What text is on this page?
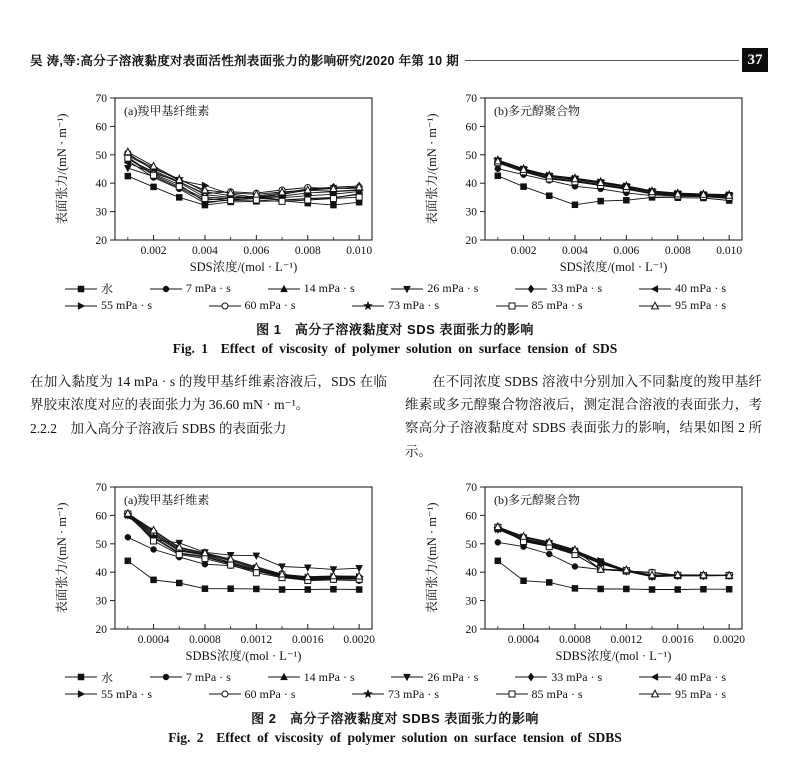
吴 涛,等:高分子溶液黏度对表面活性剂表面张力的影响研究/2020 年第 10 期	37
20
30
40
50
60
70
0.002 0.004 0.006 0.008 0.010
(a)羧甲基纤维素
SDS浓度/(mol · L⁻¹)
表面张力/(mN · m⁻¹)
20
30
40
50
60
70
0.002 0.004 0.006 0.008 0.010
(b)多元醇聚合物
SDS浓度/(mol · L⁻¹)
表面张力/(mN · m⁻¹)
水	7 mPa · s	14 mPa · s	26 mPa · s	33 mPa · s	40 mPa · s
55 mPa · s	60 mPa · s	73 mPa · s	85 mPa · s	95 mPa · s
图 1　高分子溶液黏度对 SDS 表面张力的影响
Fig. 1  Effect of viscosity of polymer solution on surface tension of SDS

在加入黏度为 14 mPa · s 的羧甲基纤维素溶液后，SDS 在临界胶束浓度对应的表面张力为 36.60 mN · m⁻¹。

2.2.2　加入高分子溶液后 SDBS 的表面张力

在不同浓度 SDBS 溶液中分别加入不同黏度的羧甲基纤维素或多元醇聚合物溶液后，测定混合溶液的表面张力，考察高分子溶液黏度对 SDBS 表面张力的影响，结果如图 2 所示。

20
30
40
50
60
70
0.0004 0.0008 0.0012 0.0016 0.0020
(a)羧甲基纤维素
SDBS浓度/(mol · L⁻¹)
表面张力/(mN · m⁻¹)
20
30
40
50
60
70
0.0004 0.0008 0.0012 0.0016 0.0020
(b)多元醇聚合物
SDBS浓度/(mol · L⁻¹)
表面张力/(mN · m⁻¹)
水	7 mPa · s	14 mPa · s	26 mPa · s	33 mPa · s	40 mPa · s
55 mPa · s	60 mPa · s	73 mPa · s	85 mPa · s	95 mPa · s
图 2　高分子溶液黏度对 SDBS 表面张力的影响
Fig. 2  Effect of viscosity of polymer solution on surface tension of SDBS
